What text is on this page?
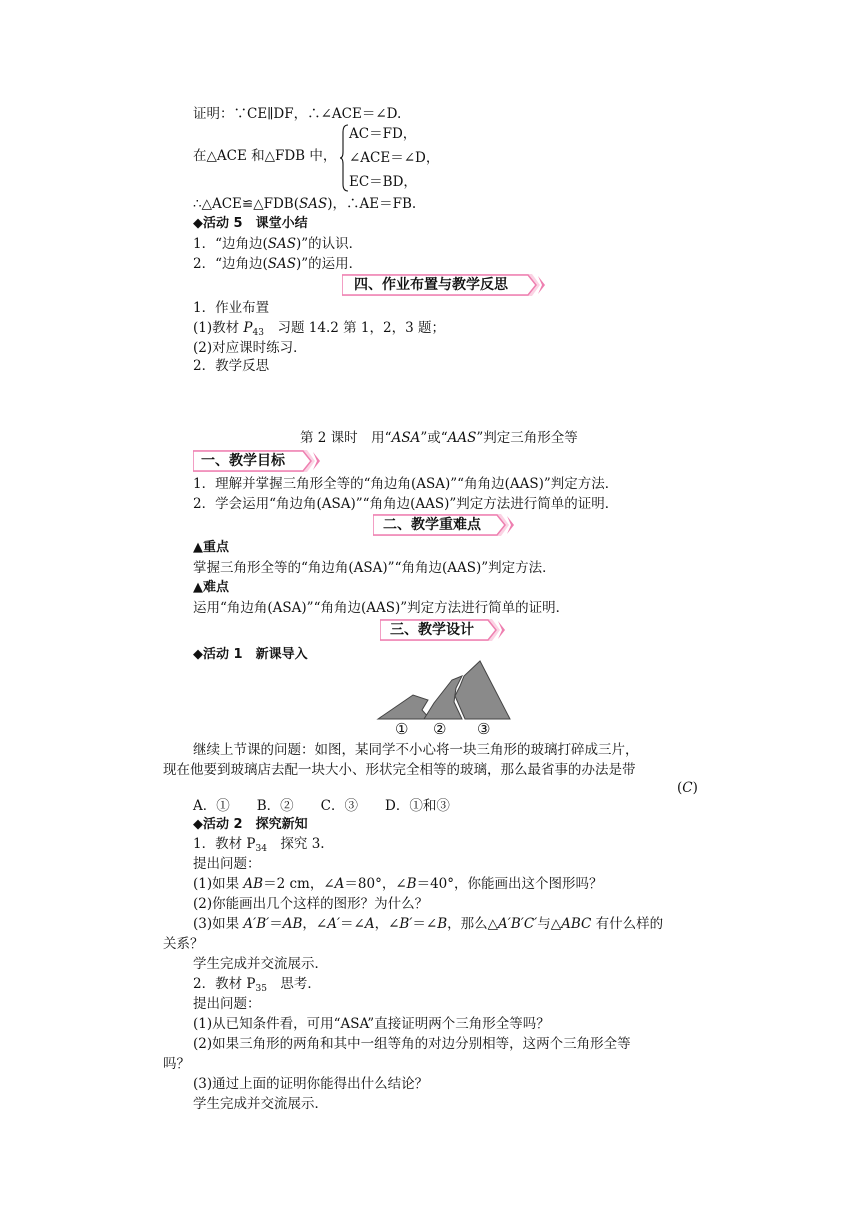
证明：∵CE∥DF，∴∠ACE＝∠D.
在△ACE 和△FDB 中，
AC＝FD，
∠ACE＝∠D，
EC＝BD，
∴△ACE≌△FDB(SAS)，∴AE＝FB.
◆活动 5　课堂小结
1．“边角边(SAS)”的认识．
2．“边角边(SAS)”的运用．
四、作业布置与教学反思
1．作业布置
(1)教材 $P_{43}$　习题 14.2 第 1，2，3 题；
(2)对应课时练习．
2．教学反思
第 2 课时　用“ASA”或“AAS”判定三角形全等
一、教学目标
1．理解并掌握三角形全等的“角边角(ASA)”“角角边(AAS)”判定方法．
2．学会运用“角边角(ASA)”“角角边(AAS)”判定方法进行简单的证明．
二、教学重难点
▲重点
掌握三角形全等的“角边角(ASA)”“角角边(AAS)”判定方法．
▲难点
运用“角边角(ASA)”“角角边(AAS)”判定方法进行简单的证明．
三、教学设计
◆活动 1　新课导入
① ② ③
继续上节课的问题：如图，某同学不小心将一块三角形的玻璃打碎成三片，
现在他要到玻璃店去配一块大小、形状完全相等的玻璃，那么最省事的办法是带
(C)
A．①　　B．②　　C．③　　D．①和③
◆活动 2　探究新知
1．教材 $P_{34}$　探究 3.
提出问题：
(1)如果 AB＝2 cm，∠A＝80°，∠B＝40°，你能画出这个图形吗？
(2)你能画出几个这样的图形？为什么？
(3)如果 A′B′＝AB，∠A′＝∠A，∠B′＝∠B，那么△A′B′C′与△ABC 有什么样的
关系？
学生完成并交流展示．
2．教材 $P_{35}$　思考．
提出问题：
(1)从已知条件看，可用“ASA”直接证明两个三角形全等吗？
(2)如果三角形的两角和其中一组等角的对边分别相等，这两个三角形全等
吗？
(3)通过上面的证明你能得出什么结论？
学生完成并交流展示．
